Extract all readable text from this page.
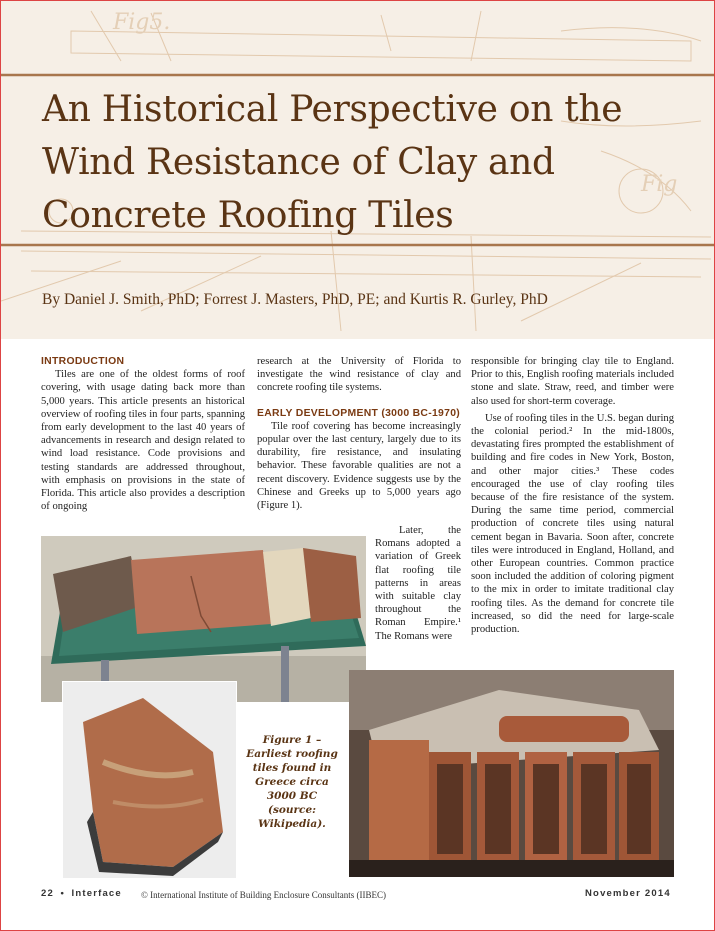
Fig5.
Fig
An Historical Perspective on the Wind Resistance of Clay and Concrete Roofing Tiles
By Daniel J. Smith, PhD; Forrest J. Masters, PhD, PE; and Kurtis R. Gurley, PhD
INTRODUCTION

Tiles are one of the oldest forms of roof covering, with usage dating back more than 5,000 years. This article presents an historical overview of roofing tiles in four parts, spanning from early development to the last 40 years of advancements in research and design related to wind load resistance. Code provisions and testing standards are addressed throughout, with emphasis on provisions in the state of Florida. This article also provides a description of ongoing

research at the University of Florida to investigate the wind resistance of clay and concrete roofing tile systems.

EARLY DEVELOPMENT (3000 BC-1970)

Tile roof covering has become increasingly popular over the last century, largely due to its durability, fire resistance, and insulating behavior. These favorable qualities are not a recent discovery. Evidence suggests use by the Chinese and Greeks up to 5,000 years ago (Figure 1).

Later, the Romans adopted a variation of Greek flat roofing tile patterns in areas with suitable clay throughout the Roman Empire.¹ The Romans were

responsible for bringing clay tile to England. Prior to this, English roofing materials included stone and slate. Straw, reed, and timber were also used for short-term coverage.

Use of roofing tiles in the U.S. began during the colonial period.² In the mid-1800s, devastating fires prompted the establishment of building and fire codes in New York, Boston, and other major cities.³ These codes encouraged the use of clay roofing tiles because of the fire resistance of the system. During the same time period, commercial production of concrete tiles using natural cement began in Bavaria. Soon after, concrete tiles were introduced in England, Holland, and other European countries. Common practice soon included the addition of coloring pigment to the mix in order to imitate traditional clay roofing tiles. As the demand for concrete tile increased, so did the need for large-scale production.

Figure 1 – Earliest roofing tiles found in Greece circa 3000 BC (source: Wikipedia).
22 • Interface © International Institute of Building Enclosure Consultants (IIBEC)	November 2014
